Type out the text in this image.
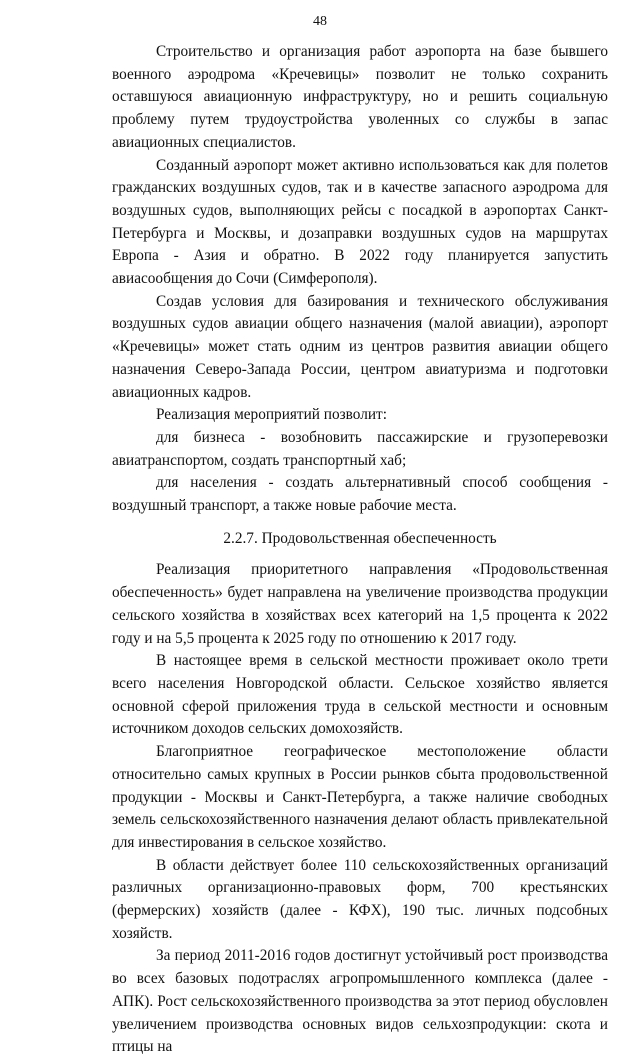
48

Строительство и организация работ аэропорта на базе бывшего военного аэродрома «Кречевицы» позволит не только сохранить оставшуюся авиационную инфраструктуру, но и решить социальную проблему путем трудоустройства уволенных со службы в запас авиационных специалистов.

Созданный аэропорт может активно использоваться как для полетов гражданских воздушных судов, так и в качестве запасного аэродрома для воздушных судов, выполняющих рейсы с посадкой в аэропортах Санкт-Петербурга и Москвы, и дозаправки воздушных судов на маршрутах Европа - Азия и обратно. В 2022 году планируется запустить авиасообщения до Сочи (Симферополя).

Создав условия для базирования и технического обслуживания воздушных судов авиации общего назначения (малой авиации), аэропорт «Кречевицы» может стать одним из центров развития авиации общего назначения Северо-Запада России, центром авиатуризма и подготовки авиационных кадров.

Реализация мероприятий позволит:

для бизнеса - возобновить пассажирские и грузоперевозки авиатранспортом, создать транспортный хаб;

для населения - создать альтернативный способ сообщения - воздушный транспорт, а также новые рабочие места.

2.2.7. Продовольственная обеспеченность

Реализация приоритетного направления «Продовольственная обеспеченность» будет направлена на увеличение производства продукции сельского хозяйства в хозяйствах всех категорий на 1,5 процента к 2022 году и на 5,5 процента к 2025 году по отношению к 2017 году.

В настоящее время в сельской местности проживает около трети всего населения Новгородской области. Сельское хозяйство является основной сферой приложения труда в сельской местности и основным источником доходов сельских домохозяйств.

Благоприятное географическое местоположение области относительно самых крупных в России рынков сбыта продовольственной продукции - Москвы и Санкт-Петербурга, а также наличие свободных земель сельскохозяйственного назначения делают область привлекательной для инвестирования в сельское хозяйство.

В области действует более 110 сельскохозяйственных организаций различных организационно-правовых форм, 700 крестьянских (фермерских) хозяйств (далее - КФХ), 190 тыс. личных подсобных хозяйств.

За период 2011-2016 годов достигнут устойчивый рост производства во всех базовых подотраслях агропромышленного комплекса (далее - АПК). Рост сельскохозяйственного производства за этот период обусловлен увеличением производства основных видов сельхозпродукции: скота и птицы на
